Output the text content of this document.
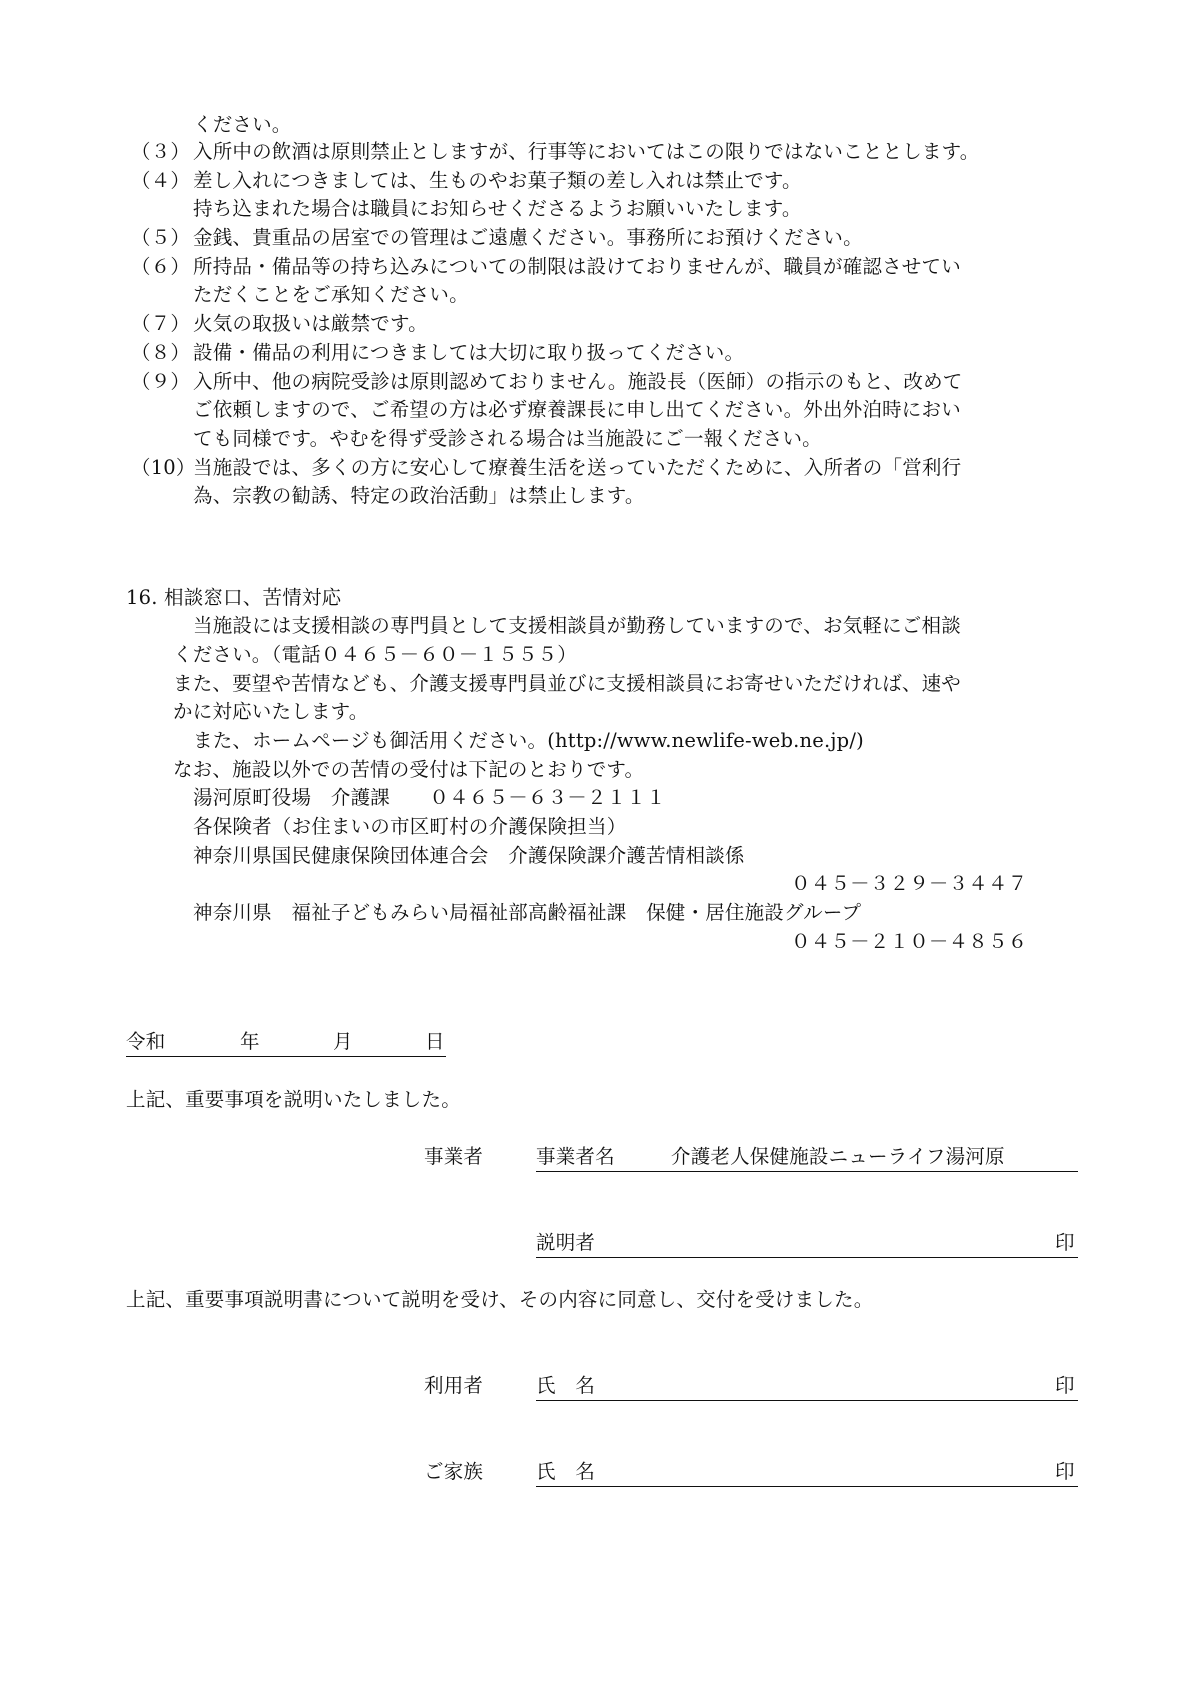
ください。
（３） 入所中の飲酒は原則禁止としますが、行事等においてはこの限りではないこととします。
（４） 差し入れにつきましては、生ものやお菓子類の差し入れは禁止です。
持ち込まれた場合は職員にお知らせくださるようお願いいたします。
（５） 金銭、貴重品の居室での管理はご遠慮ください。事務所にお預けください。
（６） 所持品・備品等の持ち込みについての制限は設けておりませんが、職員が確認させてい
ただくことをご承知ください。
（７） 火気の取扱いは厳禁です。
（８） 設備・備品の利用につきましては大切に取り扱ってください。
（９） 入所中、他の病院受診は原則認めておりません。施設長（医師）の指示のもと、改めて
ご依頼しますので、ご希望の方は必ず療養課長に申し出てください。外出外泊時におい
ても同様です。やむを得ず受診される場合は当施設にご一報ください。
（10）
当施設では、多くの方に安心して療養生活を送っていただくために、入所者の「営利行
為、宗教の勧誘、特定の政治活動」は禁止します。
16. 相談窓口、苦情対応
当施設には支援相談の専門員として支援相談員が勤務していますので、お気軽にご相談
ください。（電話０４６５－６０－１５５５）
また、要望や苦情なども、介護支援専門員並びに支援相談員にお寄せいただければ、速や
かに対応いたします。
また、ホームページも御活用ください。(http://www.newlife-web.ne.jp/)
なお、施設以外での苦情の受付は下記のとおりです。
湯河原町役場　介護課　　０４６５－６３－２１１１
各保険者（お住まいの市区町村の介護保険担当）
神奈川県国民健康保険団体連合会　介護保険課介護苦情相談係
０４５－３２９－３４４７
神奈川県　福祉子どもみらい局福祉部高齢福祉課　保健・居住施設グループ
０４５－２１０－４８５６
令和	年	月	日
上記、重要事項を説明いたしました。
事業者	事業者名	介護老人保健施設ニューライフ湯河原
説明者	印
上記、重要事項説明書について説明を受け、その内容に同意し、交付を受けました。
利用者	氏　名	印
ご家族	氏　名	印
